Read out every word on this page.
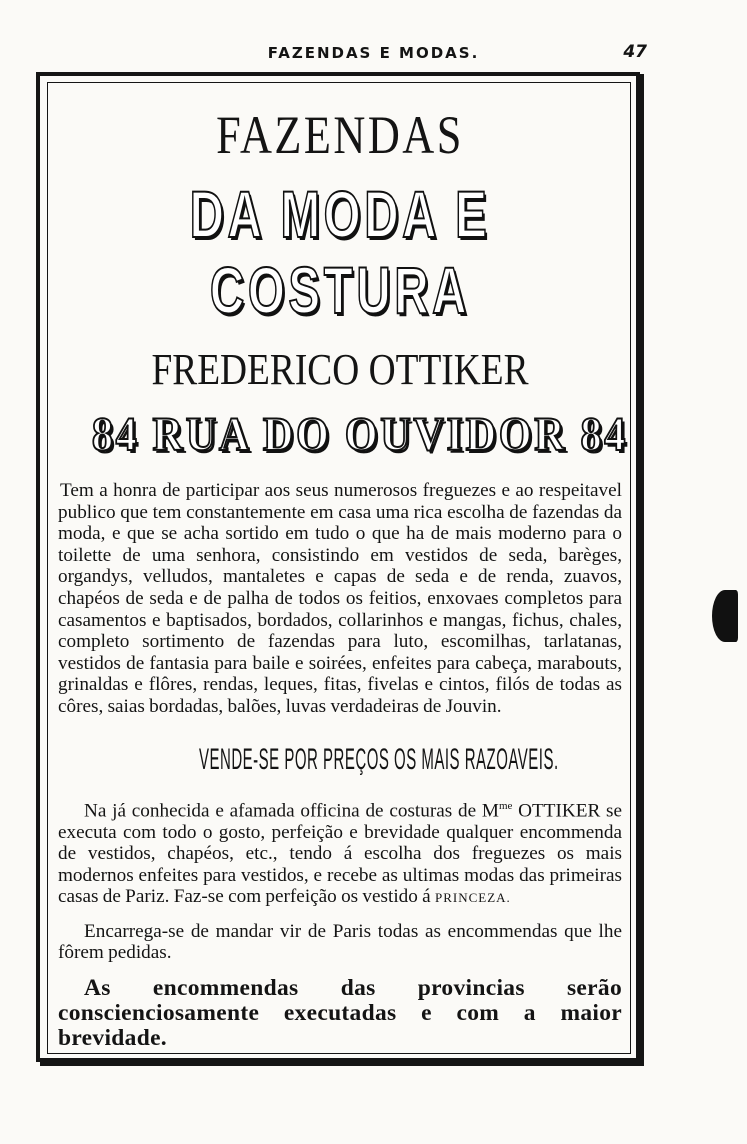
FAZENDAS E MODAS.	47
FAZENDAS
DA MODA E COSTURA
FREDERICO OTTIKER
84 RUA DO OUVIDOR 84

Tem a honra de participar aos seus numerosos freguezes e ao respeitavel publico que tem constantemente em casa uma rica escolha de fazendas da moda, e que se acha sortido em tudo o que ha de mais moderno para o toilette de uma senhora, consistindo em vestidos de seda, barèges, organdys, velludos, mantaletes e capas de seda e de renda, zuavos, chapéos de seda e de palha de todos os feitios, enxovaes completos para casamentos e baptisados, bordados, collarinhos e mangas, fichus, chales, completo sortimento de fazendas para luto, escomilhas, tarlatanas, vestidos de fantasia para baile e soirées, enfeites para cabeça, marabouts, grinaldas e flôres, rendas, leques, fitas, fivelas e cintos, filós de todas as côres, saias bordadas, balões, luvas verdadeiras de Jouvin.

VENDE-SE POR PREÇOS OS MAIS RAZOAVEIS.

Na já conhecida e afamada officina de costuras de $M^{me}$ OTTIKER se executa com todo o gosto, perfeição e brevidade qualquer encommenda de vestidos, chapéos, etc., tendo á escolha dos freguezes os mais modernos enfeites para vestidos, e recebe as ultimas modas das primeiras casas de Pariz. Faz-se com perfeição os vestido á PRINCEZA.

Encarrega-se de mandar vir de Paris todas as encommendas que lhe fôrem pedidas.

As encommendas das provincias serão conscienciosamente executadas e com a maior brevidade.
